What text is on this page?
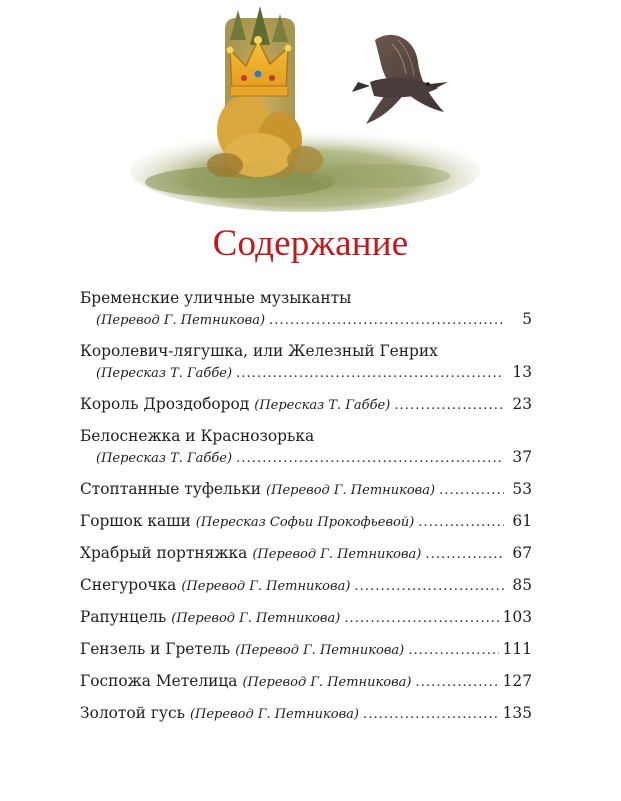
Содержание
Бременские уличные музыканты
(Перевод Г. Петникова) .....	5
Королевич-лягушка, или Железный Генрих
(Пересказ Т. Габбе) .....	13
Король Дроздобород (Пересказ Т. Габбе) .....	23
Белоснежка и Краснозорька
(Пересказ Т. Габбе) .....	37
Стоптанные туфельки (Перевод Г. Петникова) .....	53
Горшок каши (Пересказ Софьи Прокофьевой) .....	61
Храбрый портняжка (Перевод Г. Петникова) .....	67
Снегурочка (Перевод Г. Петникова) .....	85
Рапунцель (Перевод Г. Петникова) .....	103
Гензель и Гретель (Перевод Г. Петникова) .....	111
Госпожа Метелица (Перевод Г. Петникова) .....	127
Золотой гусь (Перевод Г. Петникова) .....	135
